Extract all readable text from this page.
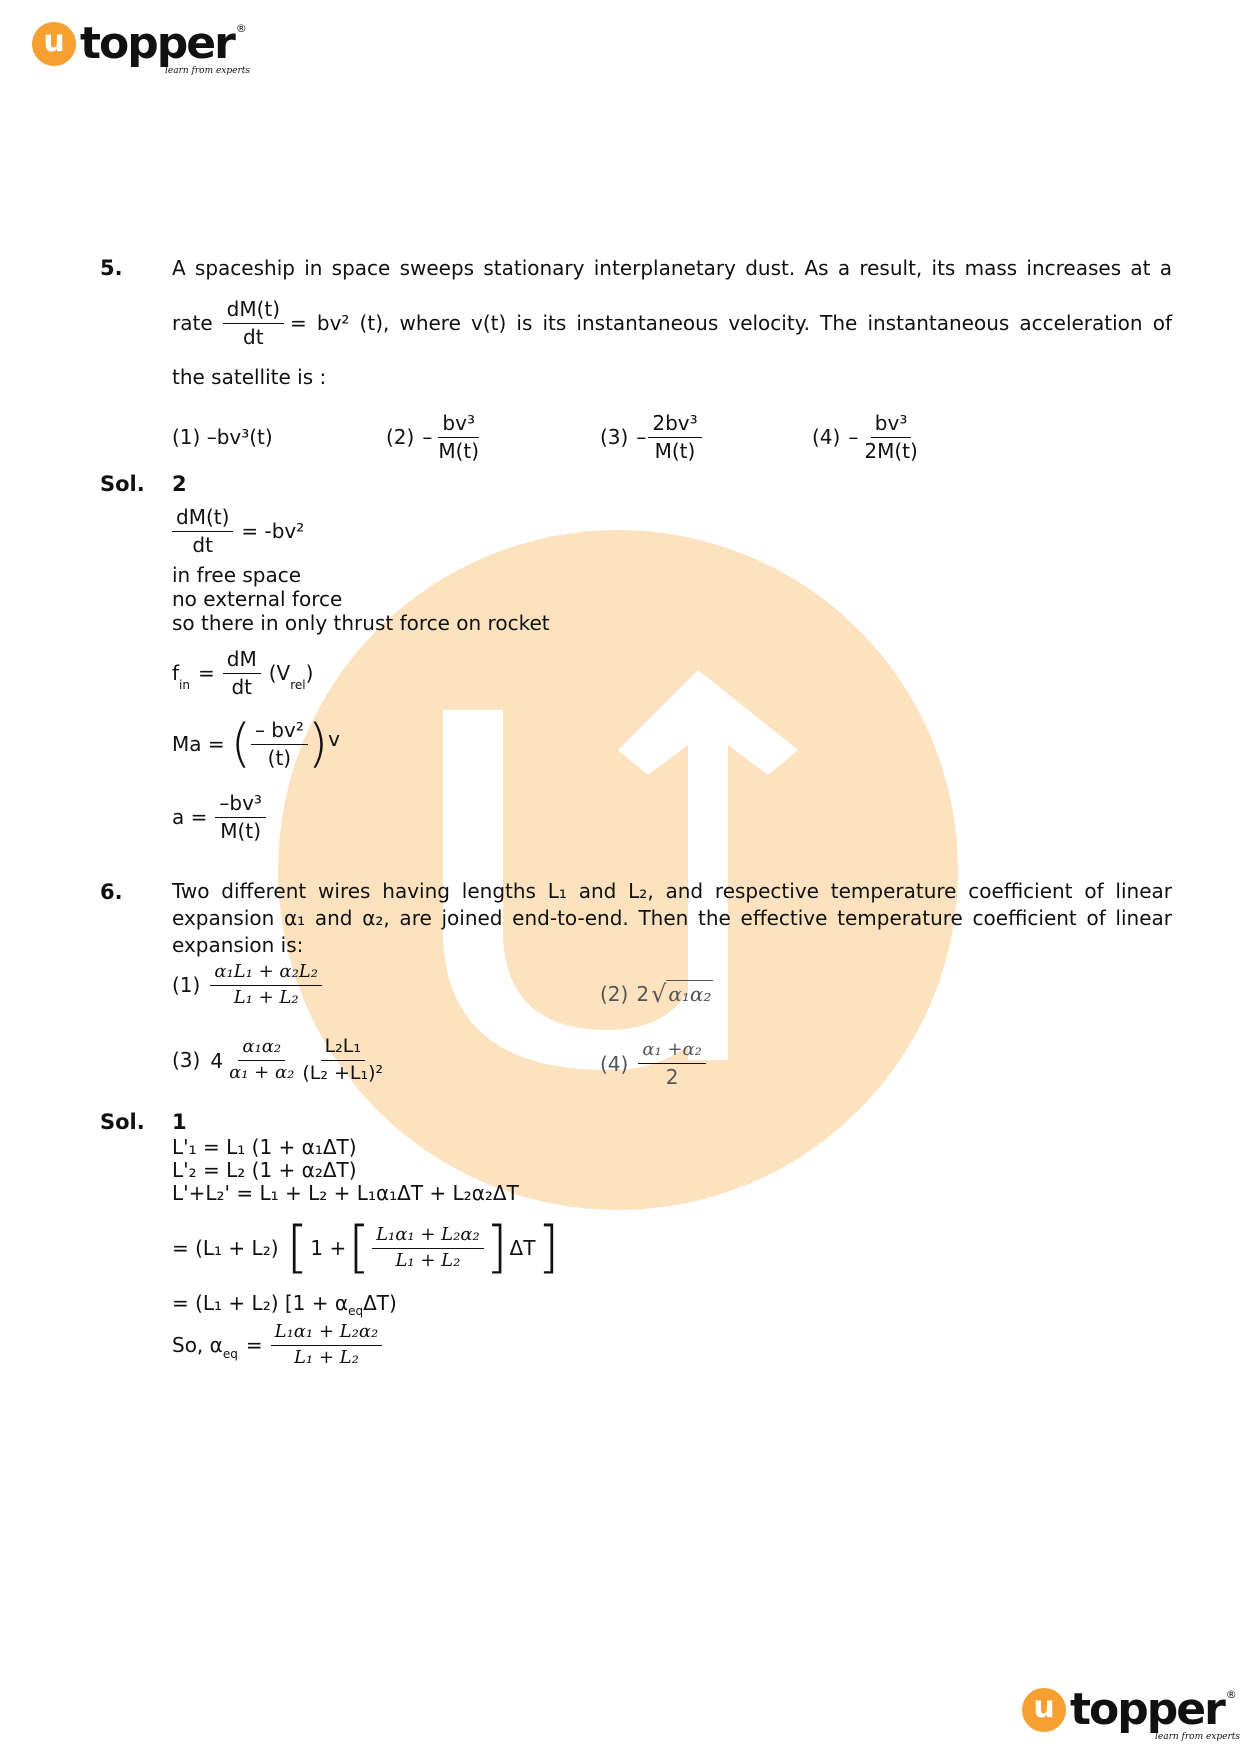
u topper ®
learn from experts
5. A spaceship in space sweeps stationary interplanetary dust. As a result, its mass increases at a
rate $\frac{dM(t)}{dt} = bv^2$ (t), where v(t) is its instantaneous velocity. The instantaneous acceleration of
the satellite is :
(1) –bv³(t)	$(2) - \frac{\text{bv³}}{M(t)}$	$(3) - \frac{\text{2bv³}}{M(t)}$	$(4) - \frac{\text{bv³}}{2M(t)}$
Sol. 2
$\frac{dM(t)}{dt} = -bv^2$
in free space
no external force
so there in only thrust force on rocket
$f_{in} = \frac{dM}{dt} (V_{rel}$ )
Ma = ( $\frac{\text{– bv²}}{(t)}$ ) v
$a = \frac{\text{–bv³}}{M(t)}$
6. Two different wires having lengths L₁ and L₂, and respective temperature coefficient of linear
expansion α₁ and α₂, are joined end-to-end. Then the effective temperature coefficient of linear
expansion is:
$(1) \frac{\text{α₁L₁ + α₂L₂}}{\text{L₁ + L₂}}$	(2) 2 √ α₁α₂
(3) $4 \frac{\text{α₁α₂}}{\text{α₁ + α₂}} \frac{\text{L₂L₁}}{\text{(L₂ +L₁)²}}$	$(4) \frac{\text{α₁ +α₂}}{2}$
Sol. 1
L'₁ = L₁ (1 + α₁ΔT)
L'₂ = L₂ (1 + α₂ΔT)
L'+L₂' = L₁ + L₂ + L₁α₁ΔT + L₂α₂ΔT
= (L₁ + L₂) [ 1 + [ $\frac{\text{L₁α₁ + L₂α₂}}{\text{L₁ + L₂}}$ ] ΔT ]
= (L₁ + L₂) $[1 + \alpha_{eq}\Delta T)$
So, $\alpha_{eq} = \frac{\text{L₁α₁ + L₂α₂}}{\text{L₁ + L₂}}$
u topper ®
learn from experts
